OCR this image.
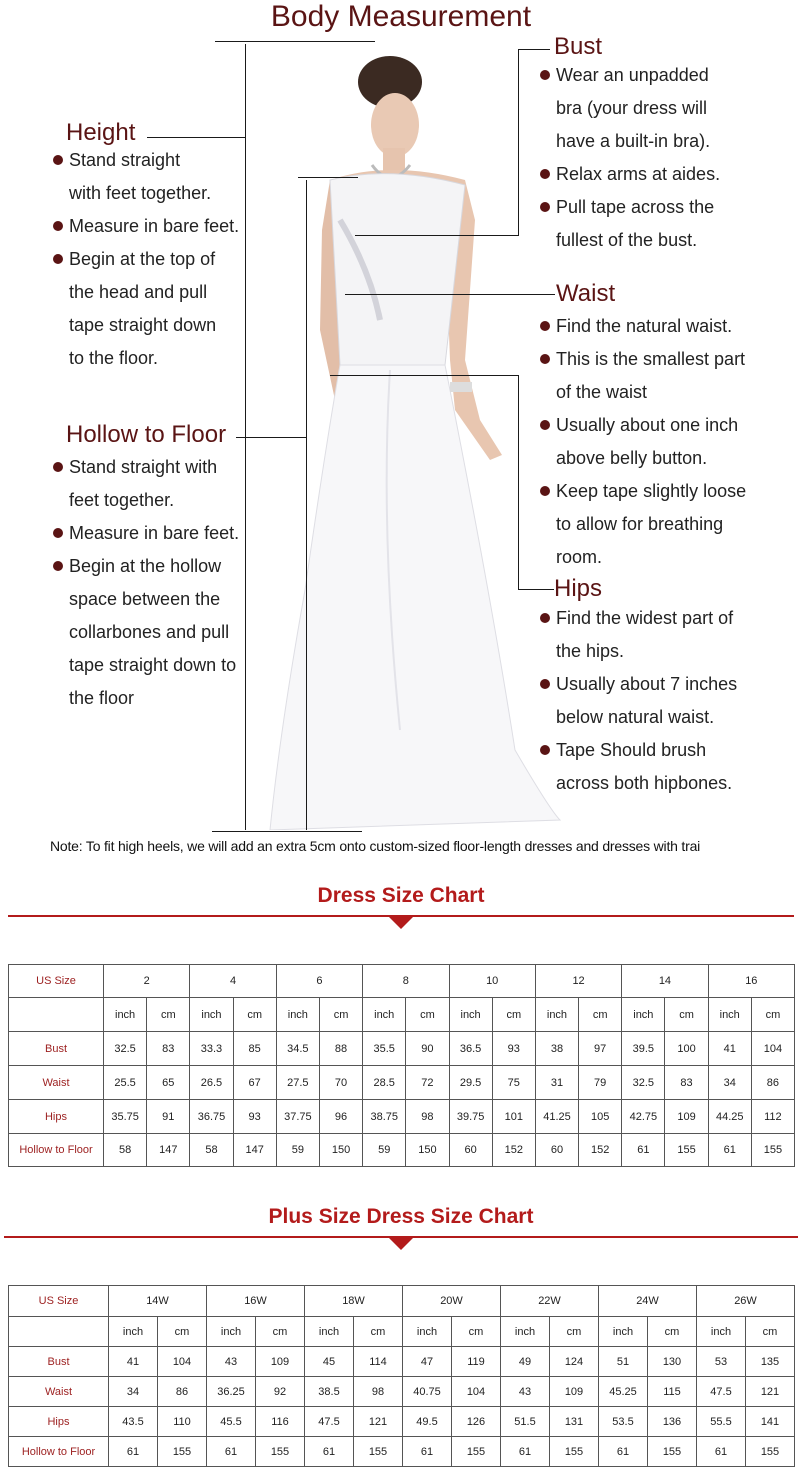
Body Measurement
Height
Stand straight
with feet together.
Measure in bare feet.
Begin at the top of
the head and pull
tape straight down
to the floor.
Hollow to Floor
Stand straight with
feet together.
Measure in bare feet.
Begin at the hollow
space between the
collarbones and pull
tape straight down to
the floor
Bust
Wear an unpadded
bra (your dress will
have a built-in bra).
Relax arms at aides.
Pull tape across the
fullest of the bust.
Waist
Find the natural waist.
This is the smallest part
of the waist
Usually about one inch
above belly button.
Keep tape slightly loose
to allow for breathing
room.
Hips
Find the widest part of
the hips.
Usually about 7 inches
below natural waist.
Tape Should brush
across both hipbones.
Note: To fit high heels, we will add an extra 5cm onto custom-sized floor-length dresses and dresses with trai
Dress Size Chart
US Size	2		4		6		8		10		12		14		16	
	inch	cm	inch	cm	inch	cm	inch	cm	inch	cm	inch	cm	inch	cm	inch	cm
Bust	32.5	83	33.3	85	34.5	88	35.5	90	36.5	93	38	97	39.5	100	41	104
Waist	25.5	65	26.5	67	27.5	70	28.5	72	29.5	75	31	79	32.5	83	34	86
Hips	35.75	91	36.75	93	37.75	96	38.75	98	39.75	101	41.25	105	42.75	109	44.25	112
Hollow to Floor	58	147	58	147	59	150	59	150	60	152	60	152	61	155	61	155
Plus Size Dress Size Chart
US Size	14W		16W		18W		20W		22W		24W		26W	
	inch	cm	inch	cm	inch	cm	inch	cm	inch	cm	inch	cm	inch	cm
Bust	41	104	43	109	45	114	47	119	49	124	51	130	53	135
Waist	34	86	36.25	92	38.5	98	40.75	104	43	109	45.25	115	47.5	121
Hips	43.5	110	45.5	116	47.5	121	49.5	126	51.5	131	53.5	136	55.5	141
Hollow to Floor	61	155	61	155	61	155	61	155	61	155	61	155	61	155
